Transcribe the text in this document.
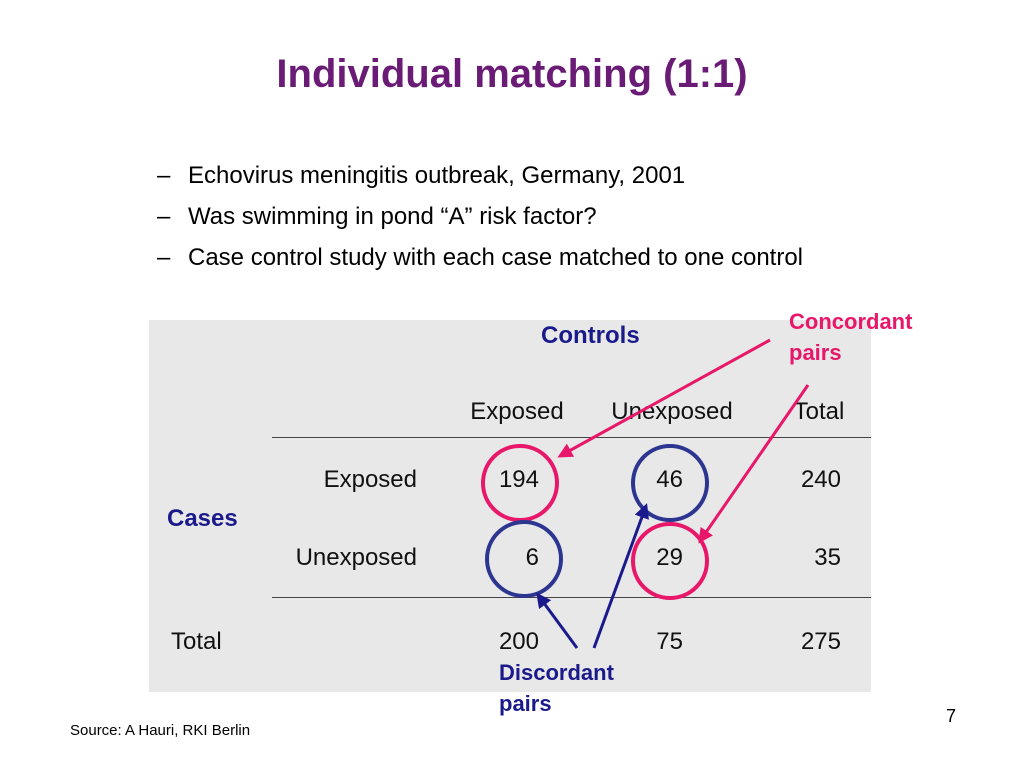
Individual matching (1:1)
– Echovirus meningitis outbreak, Germany, 2001
– Was swimming in pond “A” risk factor?
– Case control study with each case matched to one control
Controls
Exposed	Unexposed	Total
Cases
Exposed	194	46	240
Unexposed	6	29	35
Total	200	75	275
Concordant
pairs
Discordant
pairs
Source: A Hauri, RKI Berlin
7
